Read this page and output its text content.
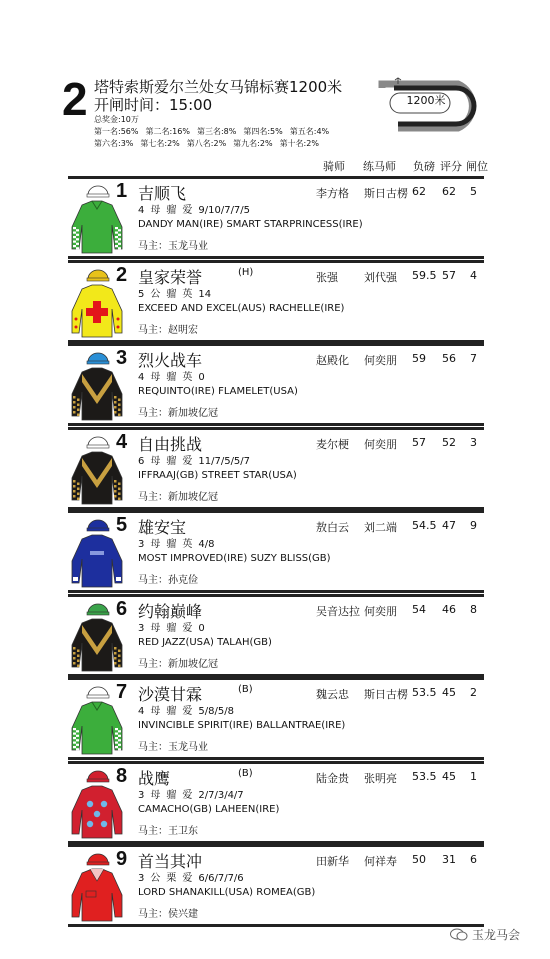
2 塔特索斯爱尔兰处女马锦标赛1200米
开闸时间：15:00
总奖金:10万
第一名:56% 第二名:16% 第三名:8% 第四名:5% 第五名:4%
第六名:3% 第七名:2% 第八名:2% 第九名:2% 第十名:2%
1200米
骑师 练马师 负磅 评分 闸位
1 吉顺飞	李方格 斯日古楞 62 62 5
4 母 骝 爱 9/10/7/7/5
DANDY MAN(IRE) SMART STARPRINCESS(IRE)
马主：玉龙马业
2 皇家荣誉	(H)	张强 刘代强 59.5 57 4
5 公 骝 英 14
EXCEED AND EXCEL(AUS) RACHELLE(IRE)
马主：赵明宏
3 烈火战车	赵殿化 何奕朋 59 56 7
4 母 骝 英 0
REQUINTO(IRE) FLAMELET(USA)
马主：新加坡亿冠
4 自由挑战	麦尔梗 何奕朋 57 52 3
6 母 骝 爱 11/7/5/5/7
IFFRAAJ(GB) STREET STAR(USA)
马主：新加坡亿冠
5 雄安宝	敖白云 刘二端 54.5 47 9
3 母 骝 英 4/8
MOST IMPROVED(IRE) SUZY BLISS(GB)
马主：孙克俭
6 约翰巅峰	吴音达拉 何奕朋 54 46 8
3 母 骝 爱 0
RED JAZZ(USA) TALAH(GB)
马主：新加坡亿冠
7 沙漠甘霖	(B)	魏云忠 斯日古楞 53.5 45 2
4 母 骝 爱 5/8/5/8
INVINCIBLE SPIRIT(IRE) BALLANTRAE(IRE)
马主：玉龙马业
8 战鹰	(B)	陆金贵 张明亮 53.5 45 1
3 母 骝 爱 2/7/3/4/7
CAMACHO(GB) LAHEEN(IRE)
马主：王卫东
9 首当其冲	田新华 何祥寿 50 31 6
3 公 栗 爱 6/6/7/7/6
LORD SHANAKILL(USA) ROMEA(GB)
马主：侯兴建
玉龙马会
